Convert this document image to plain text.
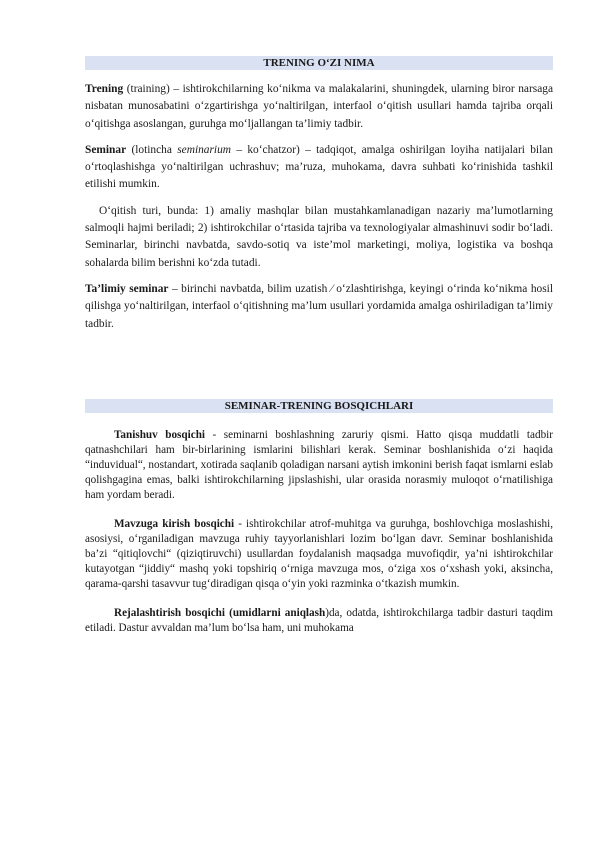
TRENING O‘ZI NIMA

Trening (training) – ishtirokchilarning ko‘nikma va malakalarini, shuningdek, ularning biror narsaga nisbatan munosabatini o‘zgartirishga yo‘naltirilgan, interfaol o‘qitish usullari hamda tajriba orqali o‘qitishga asoslangan, guruhga mo‘ljallangan ta’limiy tadbir.

Seminar (lotincha seminarium – ko‘chatzor) – tadqiqot, amalga oshirilgan loyiha natijalari bilan o‘rtoqlashishga yo‘naltirilgan uchrashuv; ma’ruza, muhokama, davra suhbati ko‘rinishida tashkil etilishi mumkin.

O‘qitish turi, bunda: 1) amaliy mashqlar bilan mustahkamlanadigan nazariy ma’lumotlarning salmoqli hajmi beriladi; 2) ishtirokchilar o‘rtasida tajriba va texnologiyalar almashinuvi sodir bo‘ladi. Seminarlar, birinchi navbatda, savdo-sotiq va iste’mol marketingi, moliya, logistika va boshqa sohalarda bilim berishni ko‘zda tutadi.

Ta’limiy seminar – birinchi navbatda, bilim uzatish ⁄ o‘zlashtirishga, keyingi o‘rinda ko‘nikma hosil qilishga yo‘naltirilgan, interfaol o‘qitishning ma’lum usullari yordamida amalga oshiriladigan ta’limiy tadbir.

SEMINAR-TRENING BOSQICHLARI

Tanishuv bosqichi - seminarni boshlashning zaruriy qismi. Hatto qisqa muddatli tadbir qatnashchilari ham bir-birlarining ismlarini bilishlari kerak. Seminar boshlanishida o‘zi haqida “induvidual“, nostandart, xotirada saqlanib qoladigan narsani aytish imkonini berish faqat ismlarni eslab qolishgagina emas, balki ishtirokchilarning jipslashishi, ular orasida norasmiy muloqot o‘rnatilishiga ham yordam beradi.

Mavzuga kirish bosqichi - ishtirokchilar atrof-muhitga va guruhga, boshlovchiga moslashishi, asosiysi, o‘rganiladigan mavzuga ruhiy tayyorlanishlari lozim bo‘lgan davr. Seminar boshlanishida ba’zi “qitiqlovchi“ (qiziqtiruvchi) usullardan foydalanish maqsadga muvofiqdir, ya’ni ishtirokchilar kutayotgan “jiddiy“ mashq yoki topshiriq o‘rniga mavzuga mos, o‘ziga xos o‘xshash yoki, aksincha, qarama-qarshi tasavvur tug‘diradigan qisqa o‘yin yoki razminka o‘tkazish mumkin.

Rejalashtirish bosqichi (umidlarni aniqlash)da, odatda, ishtirokchilarga tadbir dasturi taqdim etiladi. Dastur avvaldan ma’lum bo‘lsa ham, uni muhokama
